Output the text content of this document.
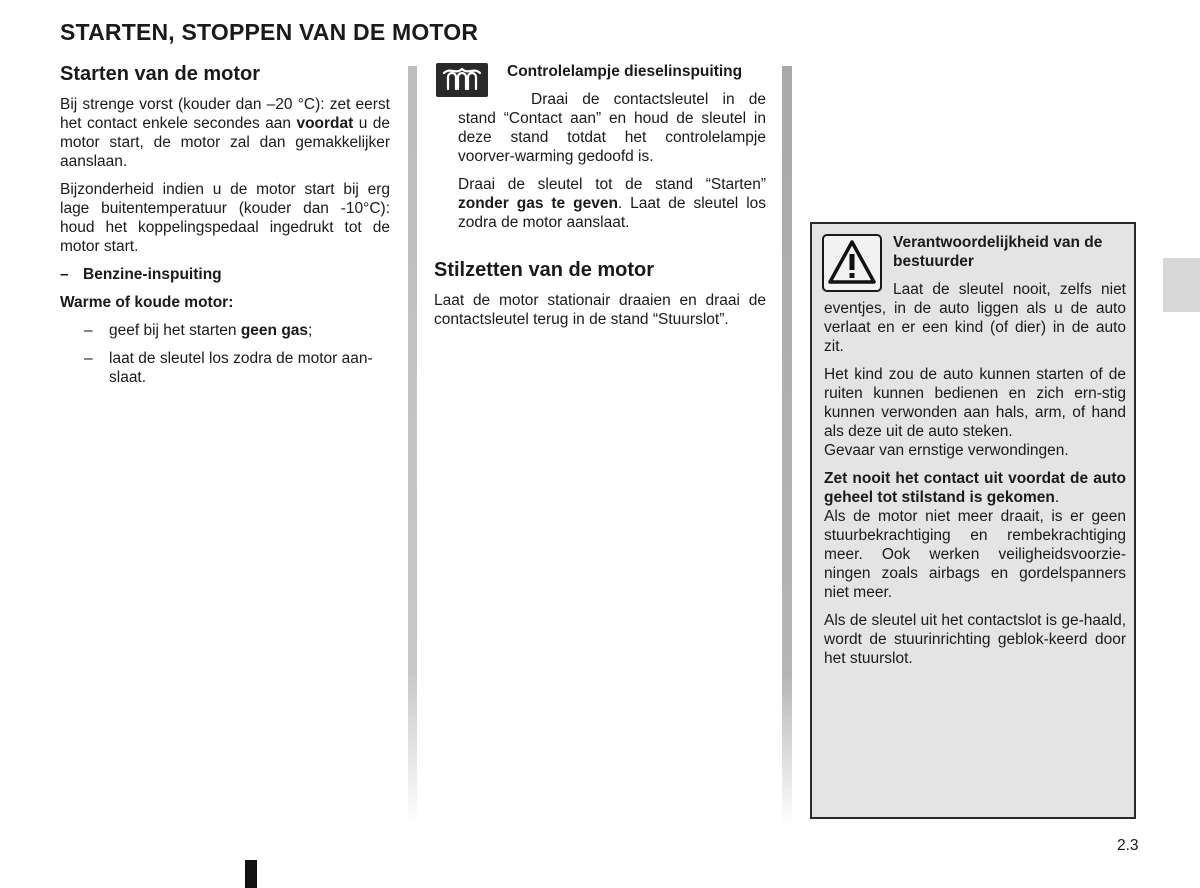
STARTEN, STOPPEN VAN DE MOTOR
Starten van de motor

Bij strenge vorst (kouder dan –20 °C): zet eerst het contact enkele secondes aan voordat u de motor start, de motor zal dan gemakkelijker aanslaan.

Bijzonderheid indien u de motor start bij erg lage buitentemperatuur (kouder dan -10°C): houd het koppelingspedaal ingedrukt tot de motor start.

– Benzine-inspuiting

Warme of koude motor:

– geef bij het starten geen gas;
– laat de sleutel los zodra de motor aan-slaat.

Controlelampje dieselinspuiting

Draai de contactsleutel in de stand “Contact aan” en houd de sleutel in deze stand totdat het controlelampje voorver-warming gedoofd is.

Draai de sleutel tot de stand “Starten” zonder gas te geven. Laat de sleutel los zodra de motor aanslaat.

Stilzetten van de motor

Laat de motor stationair draaien en draai de contactsleutel terug in de stand “Stuurslot”.

Verantwoordelijkheid van de bestuurder

Laat de sleutel nooit, zelfs niet eventjes, in de auto liggen als u de auto verlaat en er een kind (of dier) in de auto zit.

Het kind zou de auto kunnen starten of de ruiten kunnen bedienen en zich ern-stig kunnen verwonden aan hals, arm, of hand als deze uit de auto steken.

Gevaar van ernstige verwondingen.

Zet nooit het contact uit voordat de auto geheel tot stilstand is gekomen.
Als de motor niet meer draait, is er geen stuurbekrachtiging en rembekrachtiging meer. Ook werken veiligheidsvoorzie-ningen zoals airbags en gordelspanners niet meer.

Als de sleutel uit het contactslot is ge-haald, wordt de stuurinrichting geblok-keerd door het stuurslot.

2.3
